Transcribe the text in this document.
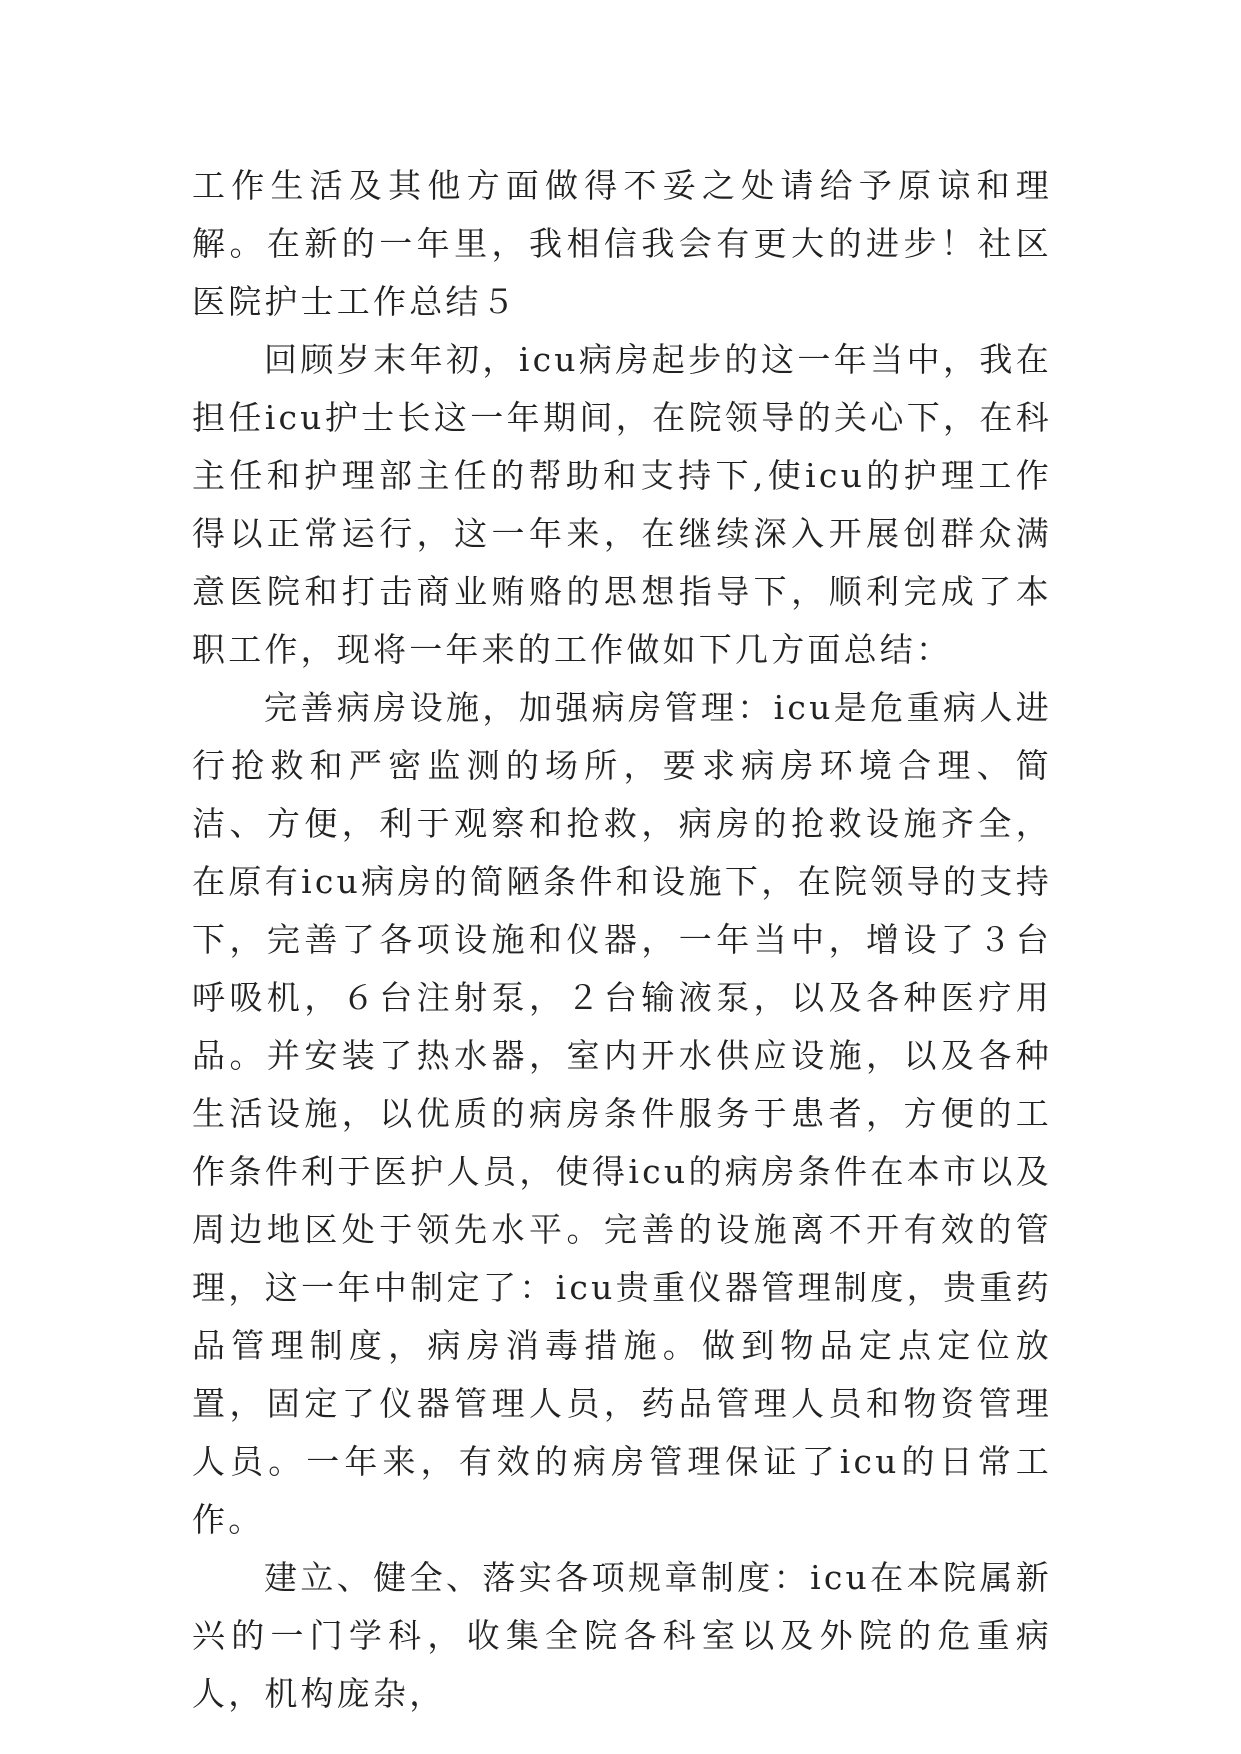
工作生活及其他方面做得不妥之处请给予原谅和理解。在新的一年里，我相信我会有更大的进步！社区医院护士工作总结５

回顾岁末年初，icu病房起步的这一年当中，我在担任icu护士长这一年期间，在院领导的关心下，在科主任和护理部主任的帮助和支持下,使icu的护理工作得以正常运行，这一年来，在继续深入开展创群众满意医院和打击商业贿赂的思想指导下，顺利完成了本职工作，现将一年来的工作做如下几方面总结：

完善病房设施，加强病房管理：icu是危重病人进行抢救和严密监测的场所，要求病房环境合理、简洁、方便，利于观察和抢救，病房的抢救设施齐全，在原有icu病房的简陋条件和设施下，在院领导的支持下，完善了各项设施和仪器，一年当中，增设了３台呼吸机，６台注射泵，２台输液泵，以及各种医疗用品。并安装了热水器，室内开水供应设施，以及各种生活设施，以优质的病房条件服务于患者，方便的工作条件利于医护人员，使得icu的病房条件在本市以及周边地区处于领先水平。完善的设施离不开有效的管理，这一年中制定了：icu贵重仪器管理制度，贵重药品管理制度，病房消毒措施。做到物品定点定位放置，固定了仪器管理人员，药品管理人员和物资管理人员。一年来，有效的病房管理保证了icu的日常工作。

建立、健全、落实各项规章制度：icu在本院属新兴的一门学科，收集全院各科室以及外院的危重病人，机构庞杂，
